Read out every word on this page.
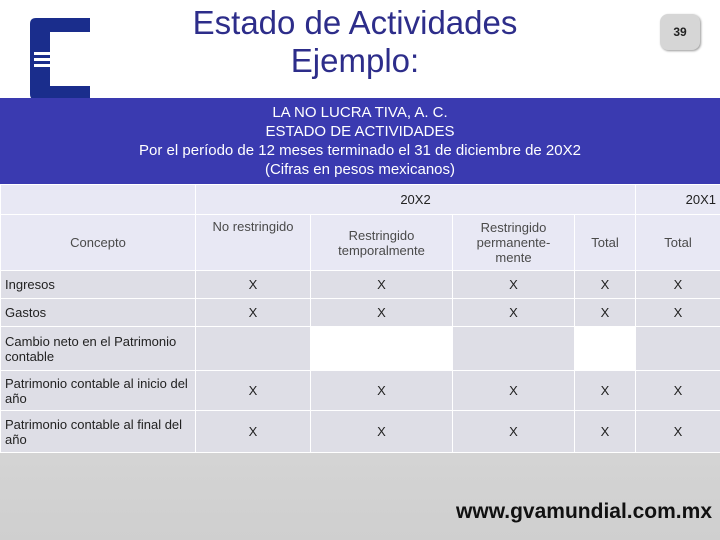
Estado de Actividades
Ejemplo:
39
LA NO LUCRA TIVA, A. C.
ESTADO DE ACTIVIDADES
Por el período de 12 meses terminado el 31 de diciembre de 20X2
(Cifras en pesos mexicanos)
	20X2				20X1
Concepto	No restringido	Restringido temporalmente	Restringido permanente- mente	Total	Total
Ingresos	X	X	X	X	X
Gastos	X	X	X	X	X
Cambio neto en el Patrimonio contable					
Patrimonio contable al inicio del año	X	X	X	X	X
Patrimonio contable al final del año	X	X	X	X	X
www.gvamundial.com.mx
